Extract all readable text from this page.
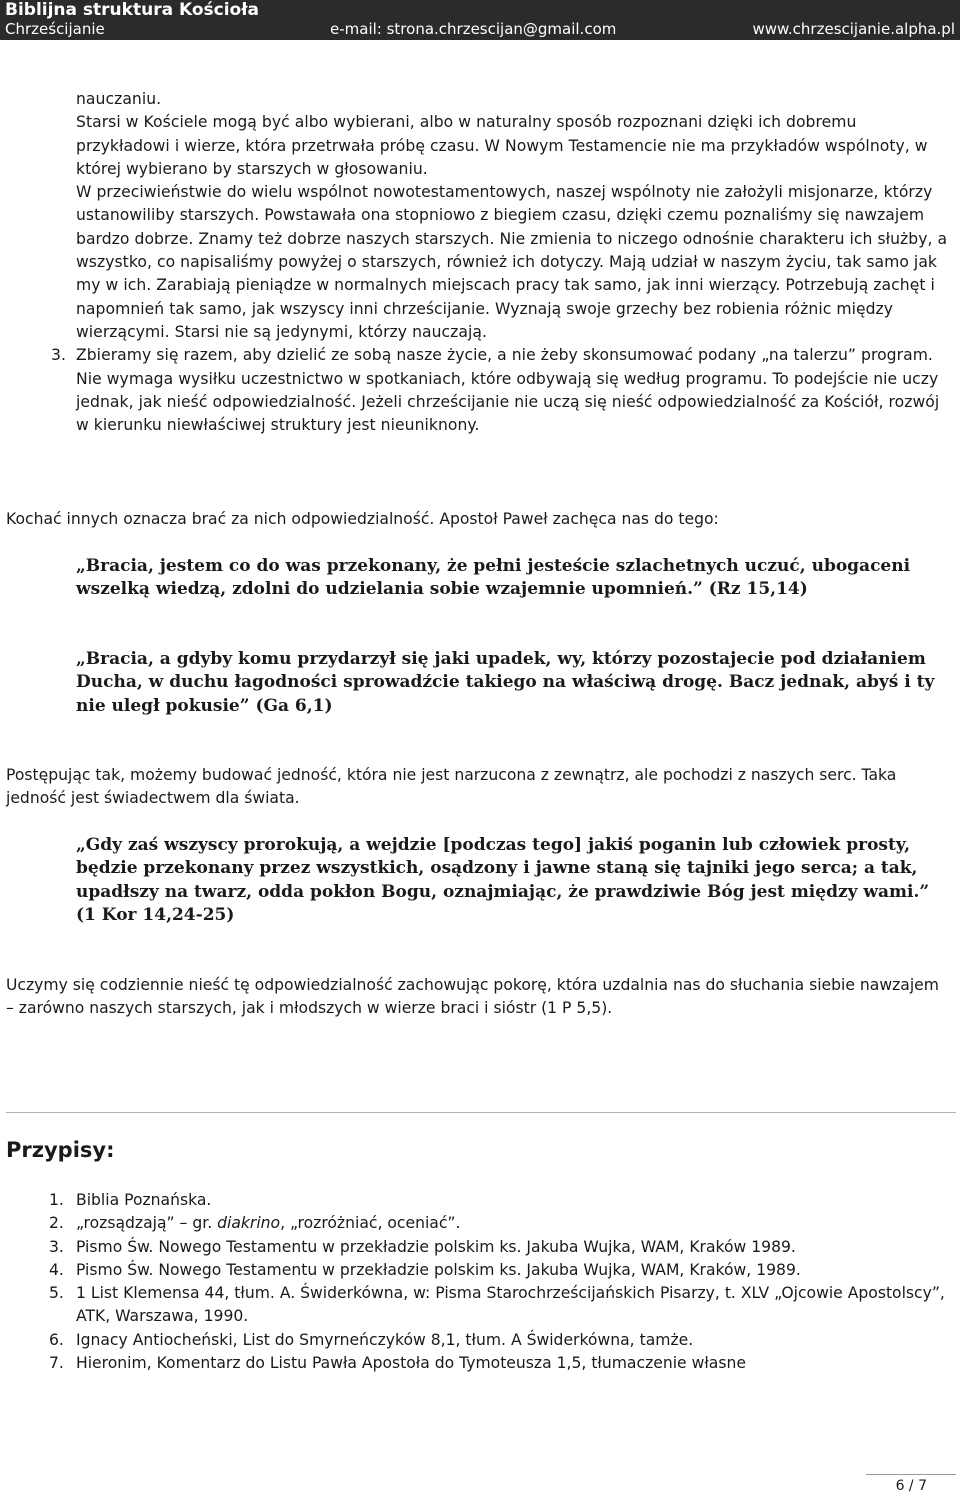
Biblijna struktura Kościoła
Chrześcijanie	e-mail: strona.chrzescijan@gmail.com	www.chrzescijanie.alpha.pl

nauczaniu.

Starsi w Kościele mogą być albo wybierani, albo w naturalny sposób rozpoznani dzięki ich dobremu przykładowi i wierze, która przetrwała próbę czasu. W Nowym Testamencie nie ma przykładów wspólnoty, w której wybierano by starszych w głosowaniu.

W przeciwieństwie do wielu wspólnot nowotestamentowych, naszej wspólnoty nie założyli misjonarze, którzy ustanowiliby starszych. Powstawała ona stopniowo z biegiem czasu, dzięki czemu poznaliśmy się nawzajem bardzo dobrze. Znamy też dobrze naszych starszych. Nie zmienia to niczego odnośnie charakteru ich służby, a wszystko, co napisaliśmy powyżej o starszych, również ich dotyczy. Mają udział w naszym życiu, tak samo jak my w ich. Zarabiają pieniądze w normalnych miejscach pracy tak samo, jak inni wierzący. Potrzebują zachęt i napomnień tak samo, jak wszyscy inni chrześcijanie. Wyznają swoje grzechy bez robienia różnic między wierzącymi. Starsi nie są jedynymi, którzy nauczają.

3. Zbieramy się razem, aby dzielić ze sobą nasze życie, a nie żeby skonsumować podany „na talerzu” program.

Nie wymaga wysiłku uczestnictwo w spotkaniach, które odbywają się według programu. To podejście nie uczy jednak, jak nieść odpowiedzialność. Jeżeli chrześcijanie nie uczą się nieść odpowiedzialność za Kościół, rozwój w kierunku niewłaściwej struktury jest nieuniknony.

Kochać innych oznacza brać za nich odpowiedzialność. Apostoł Paweł zachęca nas do tego:

„Bracia, jestem co do was przekonany, że pełni jesteście szlachetnych uczuć, ubogaceni wszelką wiedzą, zdolni do udzielania sobie wzajemnie upomnień.” (Rz 15,14)

„Bracia, a gdyby komu przydarzył się jaki upadek, wy, którzy pozostajecie pod działaniem Ducha, w duchu łagodności sprowadźcie takiego na właściwą drogę. Bacz jednak, abyś i ty nie uległ pokusie” (Ga 6,1)

Postępując tak, możemy budować jedność, która nie jest narzucona z zewnątrz, ale pochodzi z naszych serc. Taka jedność jest świadectwem dla świata.

„Gdy zaś wszyscy prorokują, a wejdzie [podczas tego] jakiś poganin lub człowiek prosty, będzie przekonany przez wszystkich, osądzony i jawne staną się tajniki jego serca; a tak, upadłszy na twarz, odda pokłon Bogu, oznajmiając, że prawdziwie Bóg jest między wami.” (1 Kor 14,24-25)

Uczymy się codziennie nieść tę odpowiedzialność zachowując pokorę, która uzdalnia nas do słuchania siebie nawzajem – zarówno naszych starszych, jak i młodszych w wierze braci i sióstr (1 P 5,5).

Przypisy:
1. Biblia Poznańska.
2. „rozsądzają” – gr. diakrino, „rozróżniać, oceniać”.
3. Pismo Św. Nowego Testamentu w przekładzie polskim ks. Jakuba Wujka, WAM, Kraków 1989.
4. Pismo Św. Nowego Testamentu w przekładzie polskim ks. Jakuba Wujka, WAM, Kraków, 1989.
5. 1 List Klemensa 44, tłum. A. Świderkówna, w: Pisma Starochrześcijańskich Pisarzy, t. XLV „Ojcowie Apostolscy”, ATK, Warszawa, 1990.
6. Ignacy Antiocheński, List do Smyrneńczyków 8,1, tłum. A Świderkówna, tamże.
7. Hieronim, Komentarz do Listu Pawła Apostoła do Tymoteusza 1,5, tłumaczenie własne
6 / 7
